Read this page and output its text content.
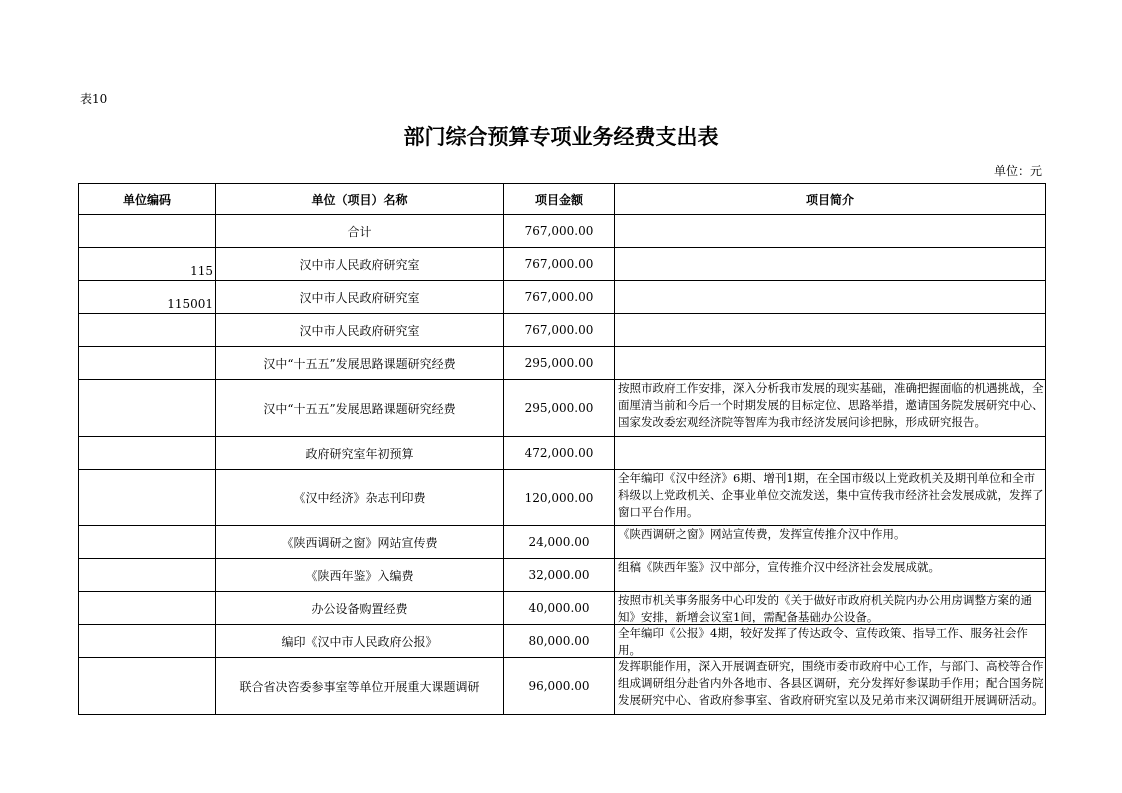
表10
部门综合预算专项业务经费支出表
单位：元
单位编码	单位（项目）名称	项目金额	项目简介
	合计	767,000.00	

115	汉中市人民政府研究室	767,000.00	

115001	汉中市人民政府研究室	767,000.00	

	汉中市人民政府研究室	767,000.00	

	汉中“十五五”发展思路课题研究经费	295,000.00	

	汉中“十五五”发展思路课题研究经费	295,000.00	按照市政府工作安排，深入分析我市发展的现实基础，准确把握面临的机遇挑战，全面厘清当前和今后一个时期发展的目标定位、思路举措，邀请国务院发展研究中心、国家发改委宏观经济院等智库为我市经济发展问诊把脉，形成研究报告。

	政府研究室年初预算	472,000.00	

	《汉中经济》杂志刊印费	120,000.00	全年编印《汉中经济》6期、增刊1期，在全国市级以上党政机关及期刊单位和全市科级以上党政机关、企事业单位交流发送，集中宣传我市经济社会发展成就，发挥了窗口平台作用。

	《陕西调研之窗》网站宣传费	24,000.00	《陕西调研之窗》网站宣传费，发挥宣传推介汉中作用。

	《陕西年鉴》入编费	32,000.00	组稿《陕西年鉴》汉中部分，宣传推介汉中经济社会发展成就。

	办公设备购置经费	40,000.00	按照市机关事务服务中心印发的《关于做好市政府机关院内办公用房调整方案的通知》安排，新增会议室1间，需配备基础办公设备。

	编印《汉中市人民政府公报》	80,000.00	全年编印《公报》4期，较好发挥了传达政令、宣传政策、指导工作、服务社会作用。

	联合省决咨委参事室等单位开展重大课题调研	96,000.00	发挥职能作用，深入开展调查研究，围绕市委市政府中心工作，与部门、高校等合作组成调研组分赴省内外各地市、各县区调研，充分发挥好参谋助手作用；配合国务院发展研究中心、省政府参事室、省政府研究室以及兄弟市来汉调研组开展调研活动。
